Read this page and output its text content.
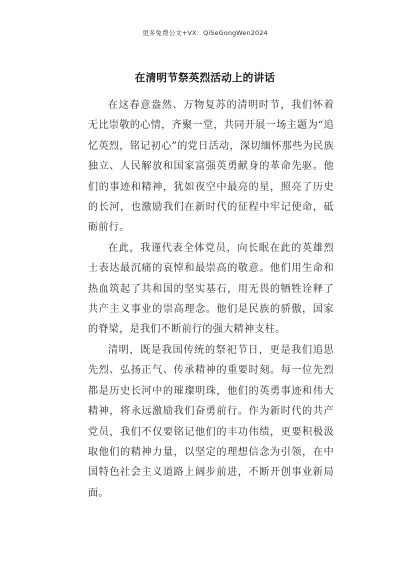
更多免费公文+VX：QiSeGongWen2024
在清明节祭英烈活动上的讲话

在这春意盎然、万物复苏的清明时节，我们怀着无比崇敬的心情，齐聚一堂，共同开展一场主题为“追忆英烈，铭记初心”的党日活动，深切缅怀那些为民族独立、人民解放和国家富强英勇献身的革命先驱。他们的事迹和精神，犹如夜空中最亮的星，照亮了历史的长河，也激励我们在新时代的征程中牢记使命，砥砺前行。

在此，我谨代表全体党员，向长眠在此的英雄烈士表达最沉痛的哀悼和最崇高的敬意。他们用生命和热血筑起了共和国的坚实基石，用无畏的牺牲诠释了共产主义事业的崇高理念。他们是民族的骄傲，国家的脊梁，是我们不断前行的强大精神支柱。

清明，既是我国传统的祭祀节日，更是我们追思先烈、弘扬正气、传承精神的重要时刻。每一位先烈都是历史长河中的璀璨明珠，他们的英勇事迹和伟大精神，将永远激励我们奋勇前行。作为新时代的共产党员，我们不仅要铭记他们的丰功伟绩，更要积极汲取他们的精神力量，以坚定的理想信念为引领，在中国特色社会主义道路上阔步前进，不断开创事业新局面。
